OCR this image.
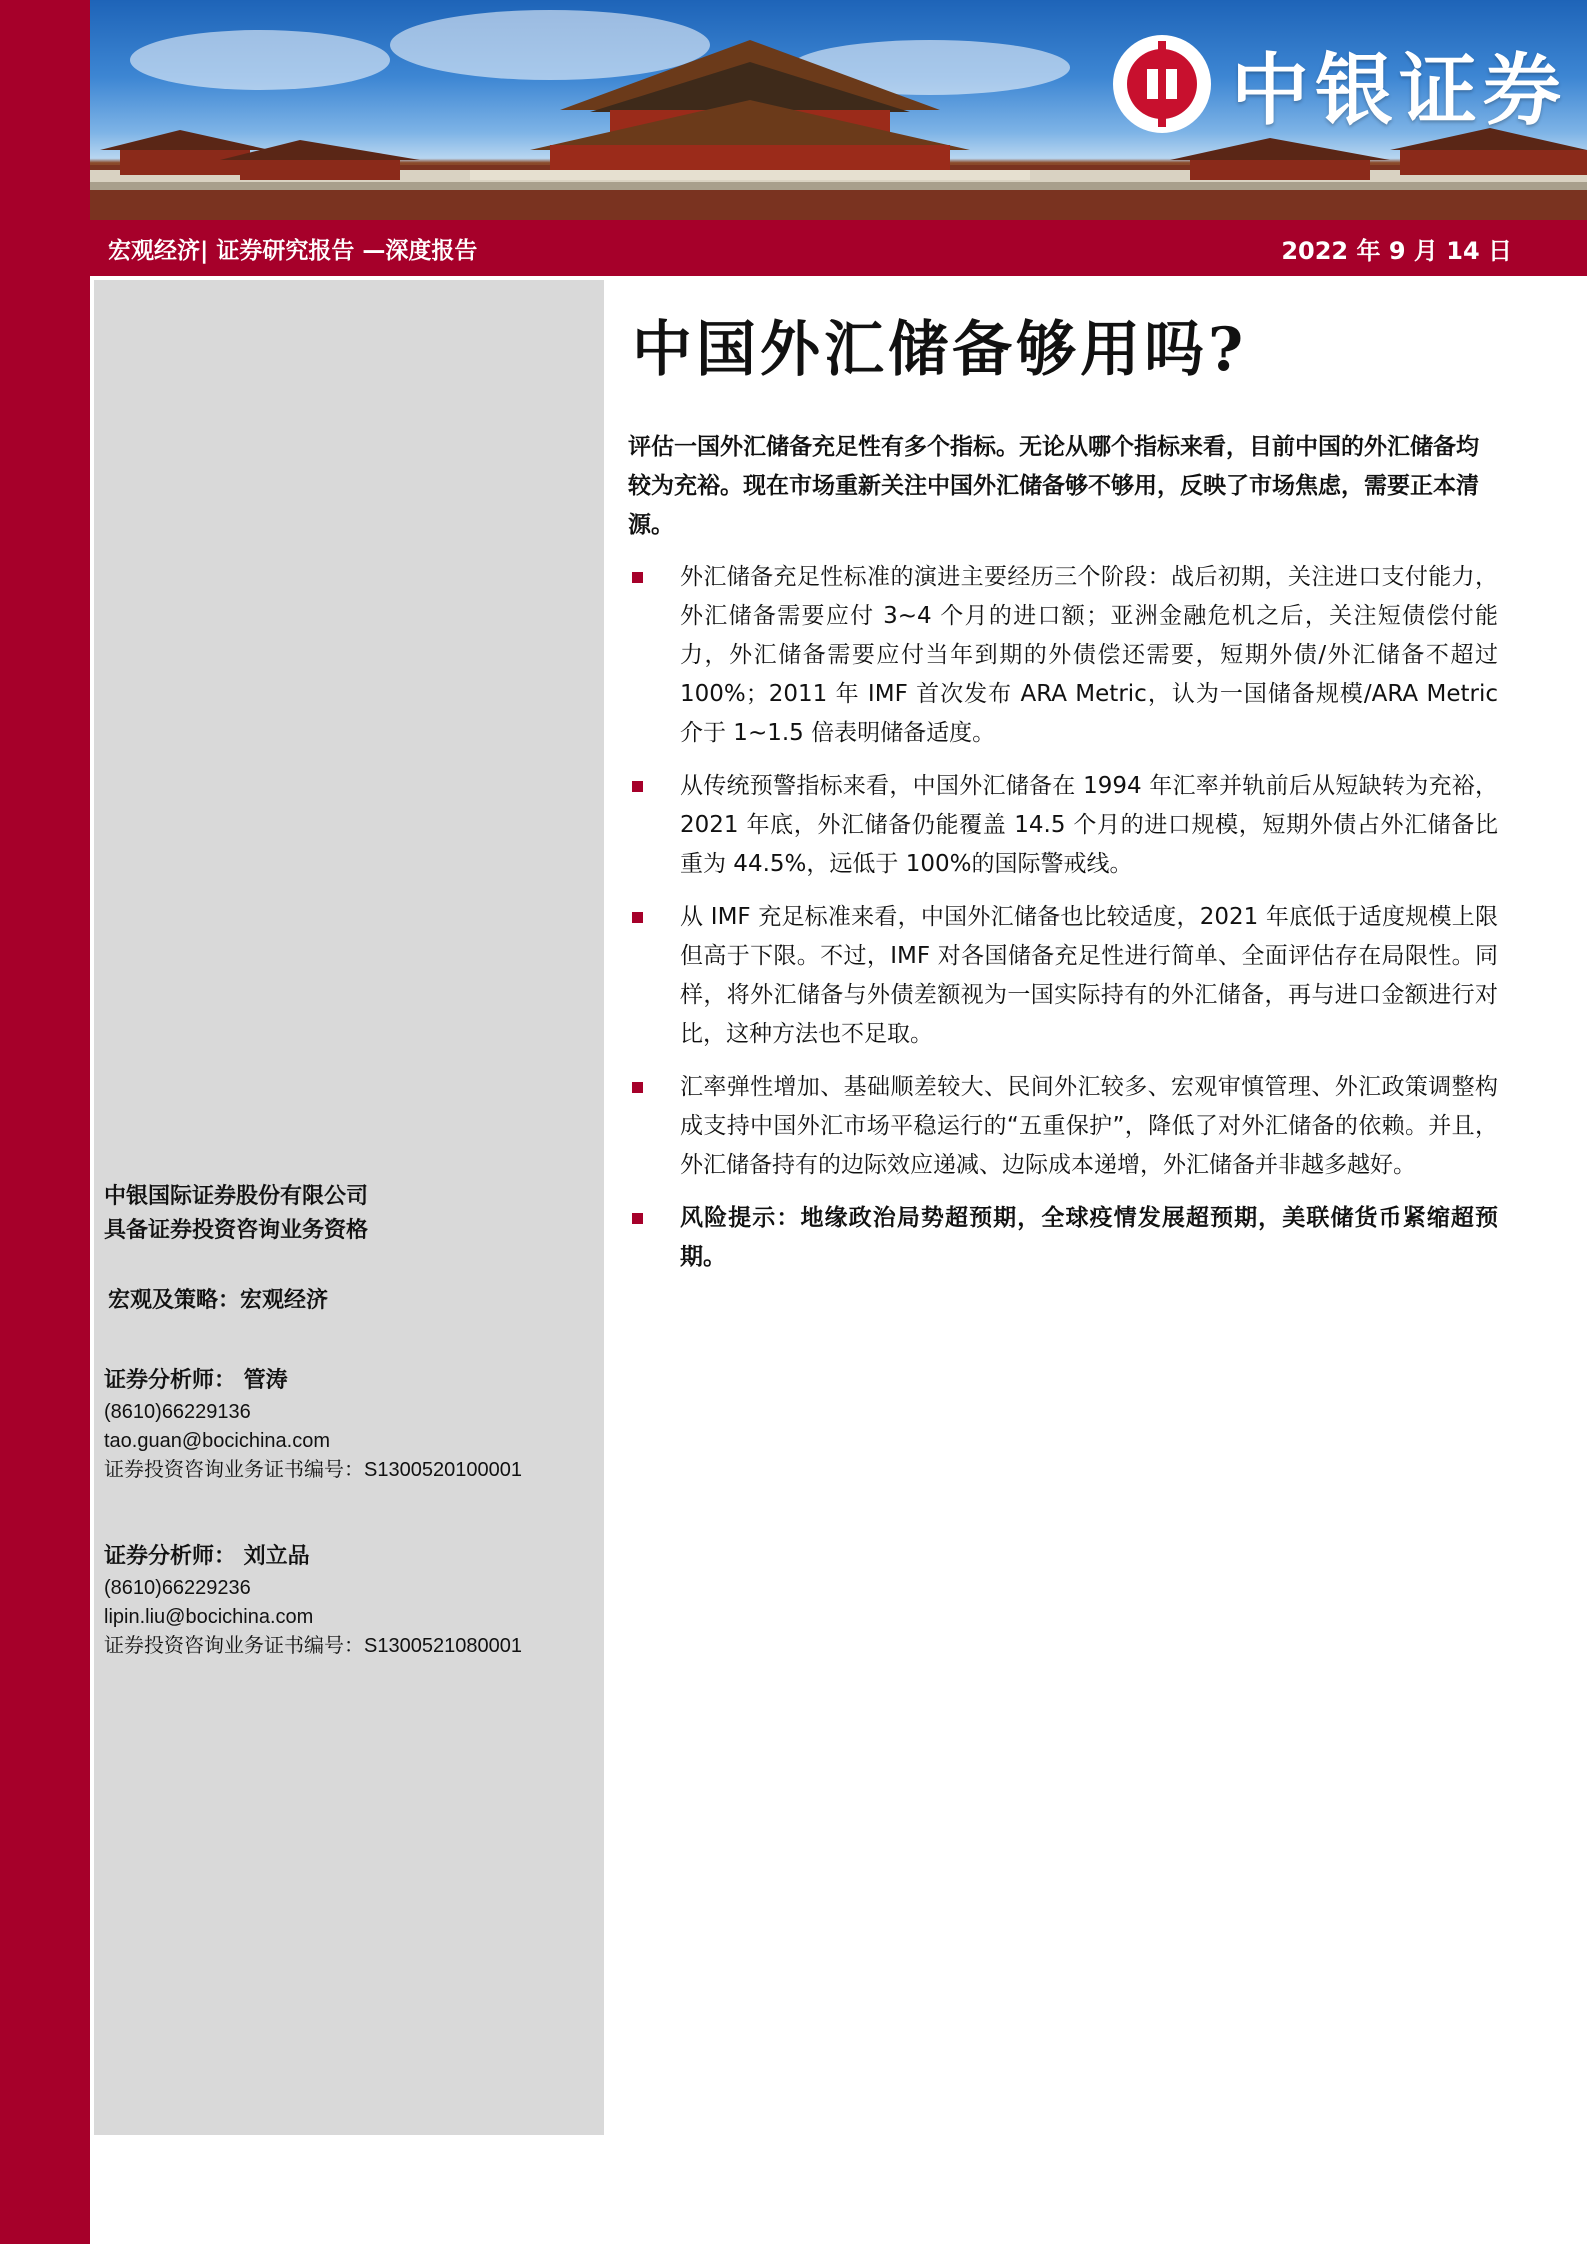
中银证券
宏观经济| 证券研究报告 —深度报告	2022 年 9 月 14 日
中银国际证券股份有限公司
具备证券投资咨询业务资格
宏观及策略：宏观经济
证券分析师： 管涛
(8610)66229136
tao.guan@bocichina.com
证券投资咨询业务证书编号：S1300520100001
证券分析师： 刘立品
(8610)66229236
lipin.liu@bocichina.com
证券投资咨询业务证书编号：S1300521080001
中国外汇储备够用吗?
评估一国外汇储备充足性有多个指标。无论从哪个指标来看，目前中国的外汇储备均较为充裕。现在市场重新关注中国外汇储备够不够用，反映了市场焦虑，需要正本清源。
外汇储备充足性标准的演进主要经历三个阶段：战后初期，关注进口支付能力，外汇储备需要应付 3~4 个月的进口额；亚洲金融危机之后，关注短债偿付能力，外汇储备需要应付当年到期的外债偿还需要，短期外债/外汇储备不超过 100%；2011 年 IMF 首次发布 ARA Metric，认为一国储备规模/ARA Metric 介于 1~1.5 倍表明储备适度。
从传统预警指标来看，中国外汇储备在 1994 年汇率并轨前后从短缺转为充裕，2021 年底，外汇储备仍能覆盖 14.5 个月的进口规模，短期外债占外汇储备比重为 44.5%，远低于 100%的国际警戒线。
从 IMF 充足标准来看，中国外汇储备也比较适度，2021 年底低于适度规模上限但高于下限。不过，IMF 对各国储备充足性进行简单、全面评估存在局限性。同样，将外汇储备与外债差额视为一国实际持有的外汇储备，再与进口金额进行对比，这种方法也不足取。
汇率弹性增加、基础顺差较大、民间外汇较多、宏观审慎管理、外汇政策调整构成支持中国外汇市场平稳运行的“五重保护”，降低了对外汇储备的依赖。并且，外汇储备持有的边际效应递减、边际成本递增，外汇储备并非越多越好。
风险提示：地缘政治局势超预期，全球疫情发展超预期，美联储货币紧缩超预期。
